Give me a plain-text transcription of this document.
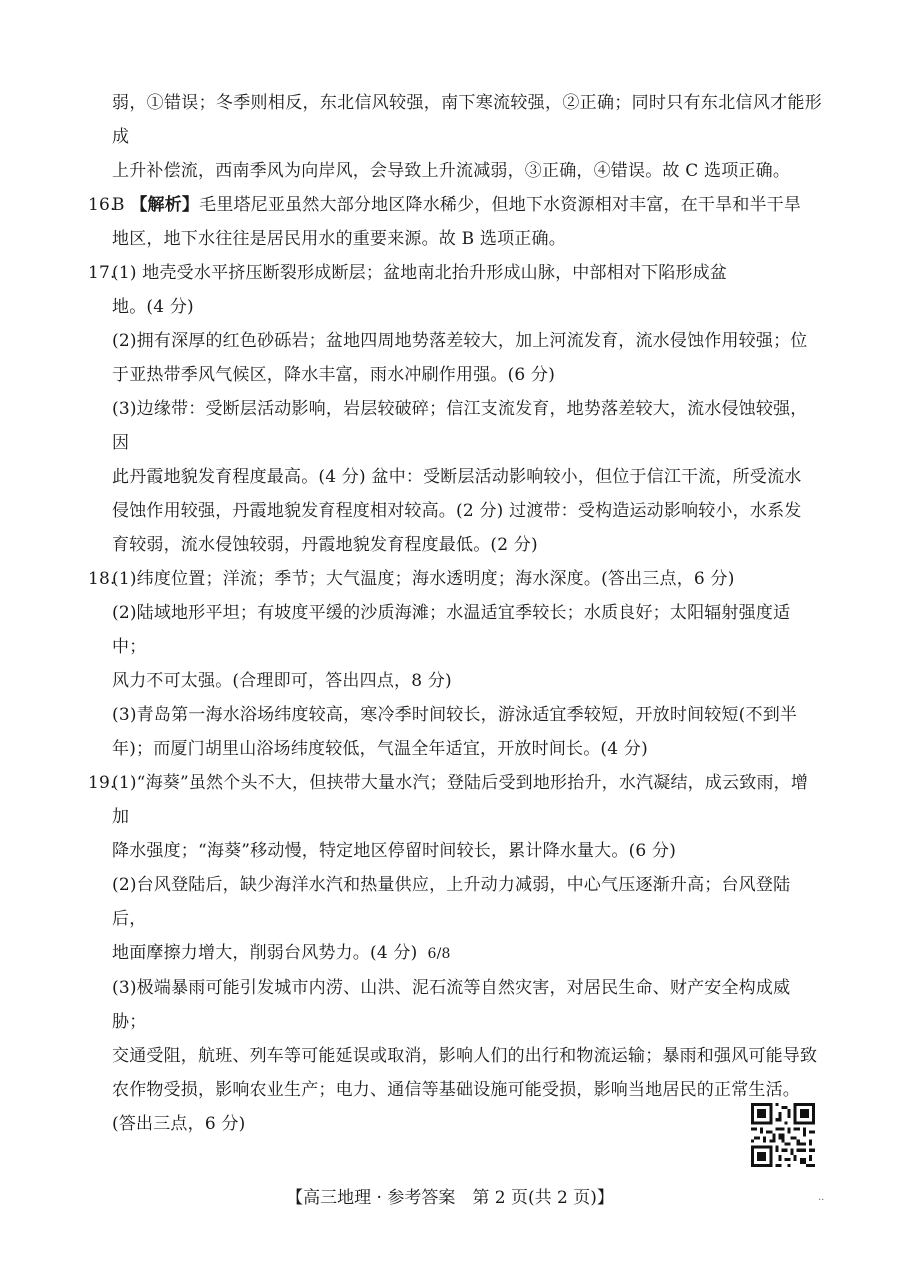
弱，①错误；冬季则相反，东北信风较强，南下寒流较强，②正确；同时只有东北信风才能形成
上升补偿流，西南季风为向岸风，会导致上升流减弱，③正确，④错误。故 C 选项正确。
16.
B 【解析】毛里塔尼亚虽然大部分地区降水稀少，但地下水资源相对丰富，在干旱和半干旱
地区，地下水往往是居民用水的重要来源。故 B 选项正确。
17.
(1) 地壳受水平挤压断裂形成断层；盆地南北抬升形成山脉，中部相对下陷形成盆
地。(4 分)
(2)拥有深厚的红色砂砾岩；盆地四周地势落差较大，加上河流发育，流水侵蚀作用较强；位
于亚热带季风气候区，降水丰富，雨水冲刷作用强。(6 分)
(3)边缘带：受断层活动影响，岩层较破碎；信江支流发育，地势落差较大，流水侵蚀较强，因
此丹霞地貌发育程度最高。(4 分) 盆中：受断层活动影响较小，但位于信江干流，所受流水
侵蚀作用较强，丹霞地貌发育程度相对较高。(2 分) 过渡带：受构造运动影响较小，水系发
育较弱，流水侵蚀较弱，丹霞地貌发育程度最低。(2 分)
18.
(1)纬度位置；洋流；季节；大气温度；海水透明度；海水深度。(答出三点，6 分)
(2)陆域地形平坦；有坡度平缓的沙质海滩；水温适宜季较长；水质良好；太阳辐射强度适中；
风力不可太强。(合理即可，答出四点，8 分)
(3)青岛第一海水浴场纬度较高，寒冷季时间较长，游泳适宜季较短，开放时间较短(不到半
年)；而厦门胡里山浴场纬度较低，气温全年适宜，开放时间长。(4 分)
19.
(1)“海葵”虽然个头不大，但挟带大量水汽；登陆后受到地形抬升，水汽凝结，成云致雨，增加
降水强度；“海葵”移动慢，特定地区停留时间较长，累计降水量大。(6 分)
(2)台风登陆后，缺少海洋水汽和热量供应，上升动力减弱，中心气压逐渐升高；台风登陆后，
地面摩擦力增大，削弱台风势力。(4 分) 6/8
(3)极端暴雨可能引发城市内涝、山洪、泥石流等自然灾害，对居民生命、财产安全构成威胁；
交通受阻，航班、列车等可能延误或取消，影响人们的出行和物流运输；暴雨和强风可能导致
农作物受损，影响农业生产；电力、通信等基础设施可能受损，影响当地居民的正常生活。
(答出三点，6 分)
【高三地理 · 参考答案　第 2 页(共 2 页)】	..
